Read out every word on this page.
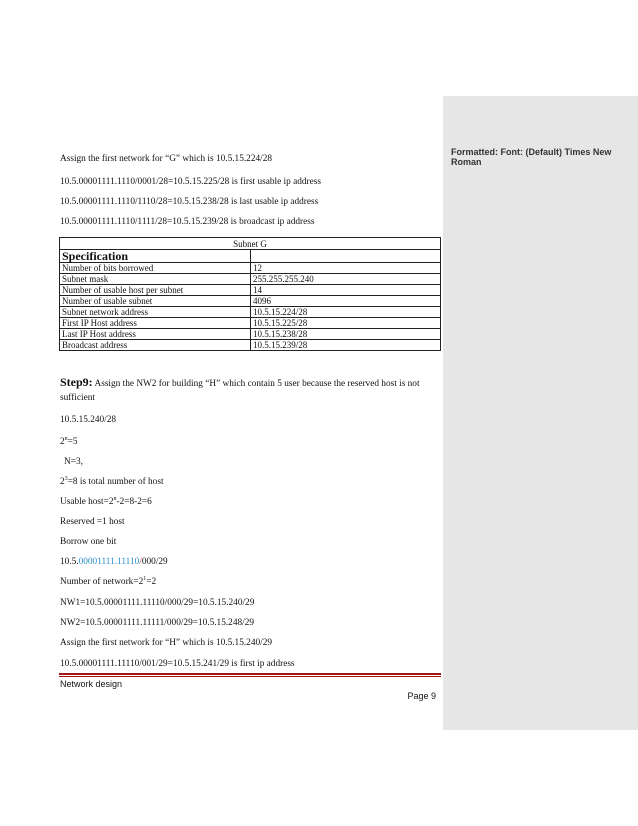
Formatted: Font: (Default) Times New Roman
Assign the first network for “G” which is 10.5.15.224/28
10.5.00001111.1110/0001/28=10.5.15.225/28 is first usable ip address
10.5.00001111.1110/1110/28=10.5.15.238/28 is last usable ip address
10.5.00001111.1110/1111/28=10.5.15.239/28 is broadcast ip address
Subnet G	
Specification	
Number of bits borrowed	12
Subnet mask	255.255.255.240
Number of usable host per subnet	14
Number of usable subnet	4096
Subnet network address	10.5.15.224/28
First IP Host address	10.5.15.225/28
Last IP Host address	10.5.15.238/28
Broadcast address	10.5.15.239/28
Step9: Assign the NW2 for building “H” which contain 5 user because the reserved host is not
sufficient
10.5.15.240/28
$2^n=5$
N=3,
$2^3=8$ is total number of host
Usable $host=2^n-2=8-2=6$
Reserved =1 host
Borrow one bit
10.5.00001111.11110/000/29
Number of $network=2^1=2$
NW1=10.5.00001111.11110/000/29=10.5.15.240/29
NW2=10.5.00001111.11111/000/29=10.5.15.248/29
Assign the first network for “H” which is 10.5.15.240/29
10.5.00001111.11110/001/29=10.5.15.241/29 is first ip address
Network design
Page 9
